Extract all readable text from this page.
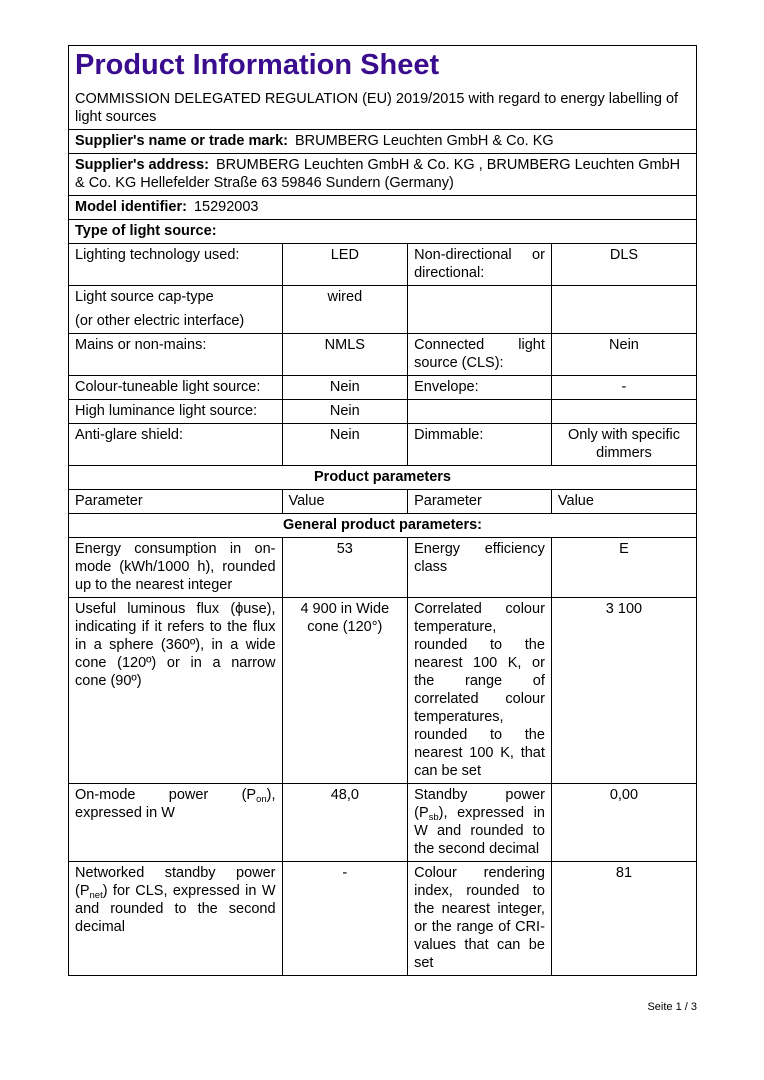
Product Information Sheet

COMMISSION DELEGATED REGULATION (EU) 2019/2015 with regard to energy labelling of light sources

Supplier's name or trade mark: BRUMBERG Leuchten GmbH & Co. KG			
Supplier's address: BRUMBERG Leuchten GmbH & Co. KG , BRUMBERG Leuchten GmbH & Co. KG Hellefelder Straße 63 59846 Sundern (Germany)			
Model identifier: 15292003			
Type of light source:			
Lighting technology used:	LED	Non-directional or directional:	DLS

Light source cap-type

(or other electric interface)	wired		
Mains or non-mains:	NMLS	Connected light source (CLS):	Nein
Colour-tuneable light source:	Nein	Envelope:	-
High luminance light source:	Nein		
Anti-glare shield:	Nein	Dimmable:	Only with specific dimmers
Product parameters			
Parameter	Value	Parameter	Value
General product parameters:			
Energy consumption in on-mode (kWh/1000 h), rounded up to the nearest integer	53	Energy efficiency class	E
Useful luminous flux (ϕuse), indicating if it refers to the flux in a sphere (360º), in a wide cone (120º) or in a narrow cone (90º)	4 900 in Wide cone (120°)	Correlated colour temperature, rounded to the nearest 100 K, or the range of correlated colour temperatures, rounded to the nearest 100 K, that can be set	3 100
On-mode power $(P_{on})$, expressed in W	48,0	Standby power $(P_{sb})$, expressed in W and rounded to the second decimal	0,00
Networked standby power $(P_{net})$ for CLS, expressed in W and rounded to the second decimal	-	Colour rendering index, rounded to the nearest integer, or the range of CRI-values that can be set	81
Seite 1 / 3
